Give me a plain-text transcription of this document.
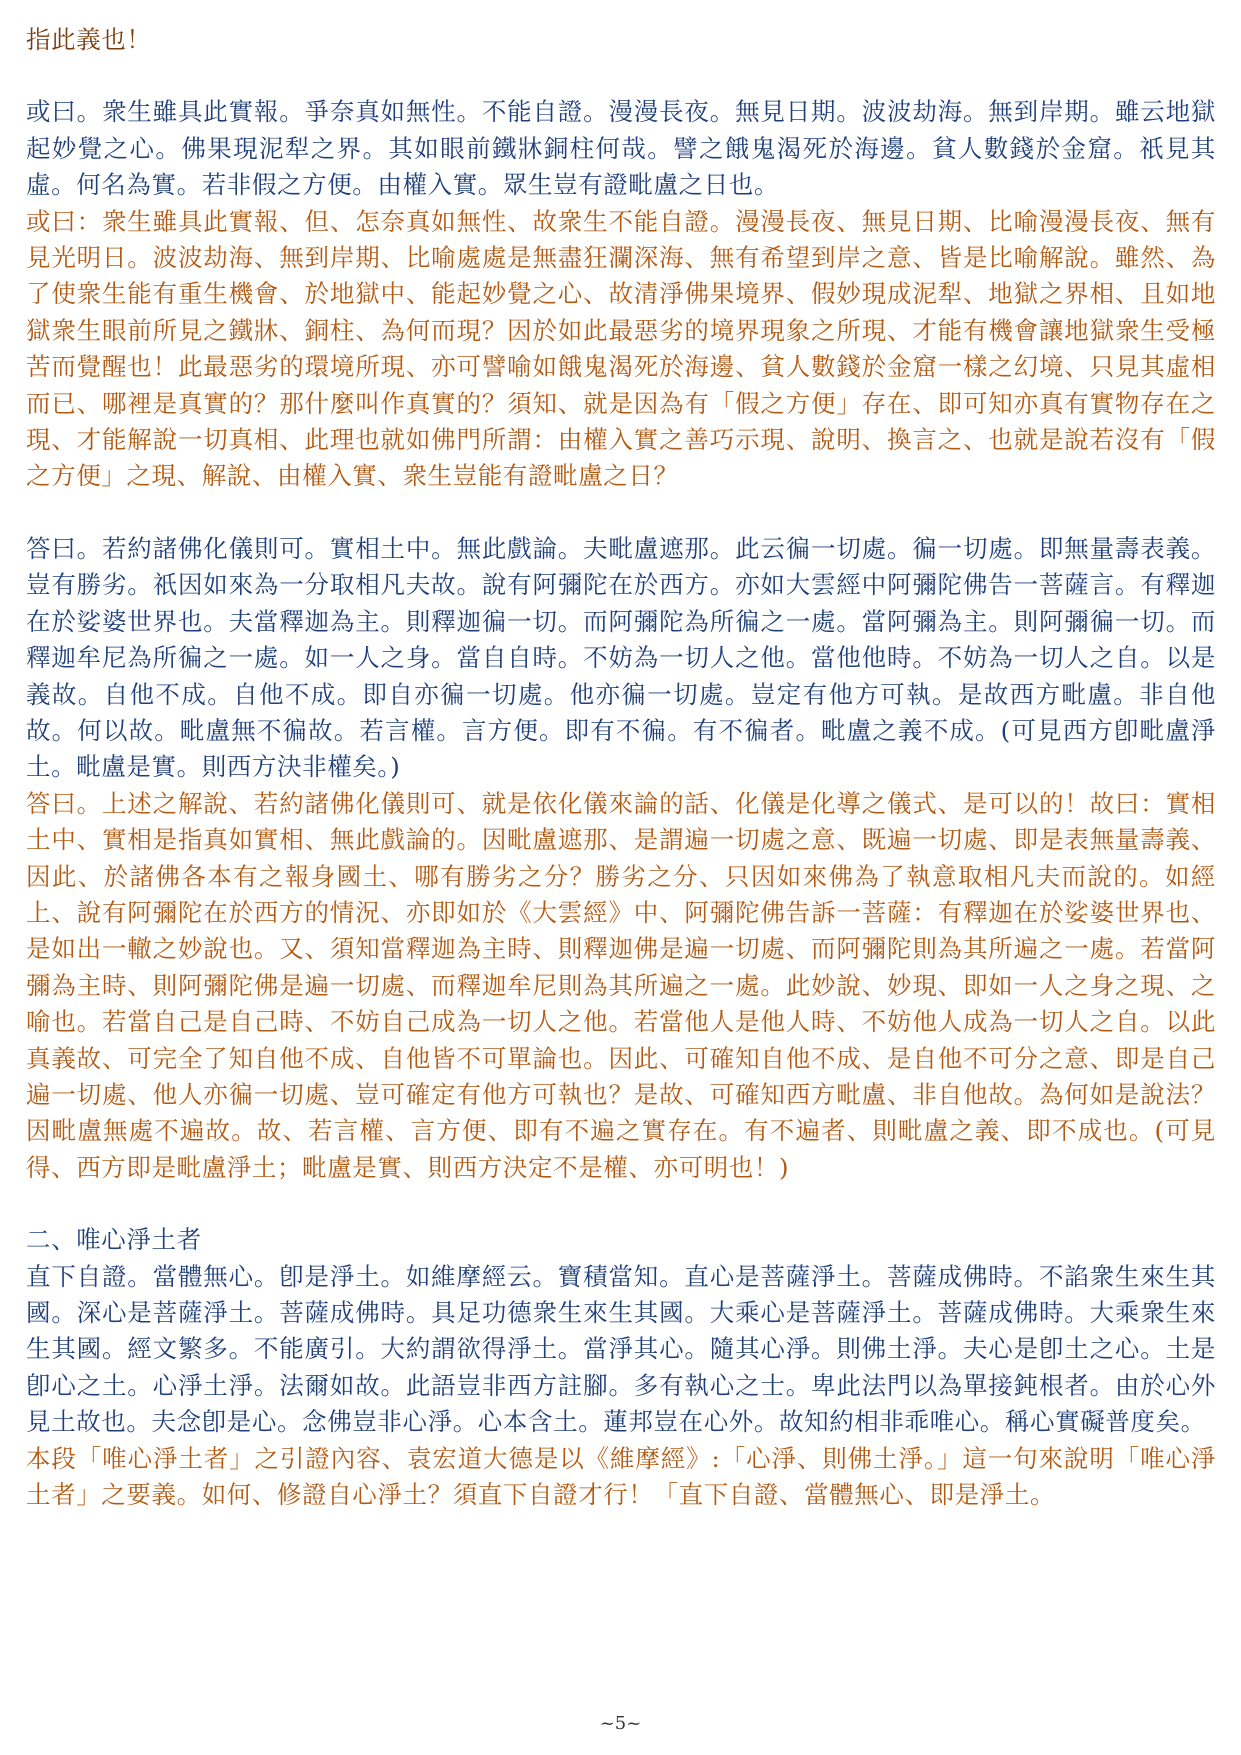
指此義也！

或曰。衆生雖具此實報。爭奈真如無性。不能自證。漫漫長夜。無見日期。波波劫海。無到岸期。雖云地獄起妙覺之心。佛果現泥犁之界。其如眼前鐵牀銅柱何哉。譬之餓鬼渴死於海邊。貧人數錢於金窟。祇見其虛。何名為實。若非假之方便。由權入實。眾生豈有證毗盧之日也。

或曰：衆生雖具此實報、但、怎奈真如無性、故衆生不能自證。漫漫長夜、無見日期、比喻漫漫長夜、無有見光明日。波波劫海、無到岸期、比喻處處是無盡狂瀾深海、無有希望到岸之意、皆是比喻解說。雖然、為了使衆生能有重生機會、於地獄中、能起妙覺之心、故清淨佛果境界、假妙現成泥犁、地獄之界相、且如地獄衆生眼前所見之鐵牀、銅柱、為何而現？因於如此最惡劣的境界現象之所現、才能有機會讓地獄衆生受極苦而覺醒也！此最惡劣的環境所現、亦可譬喻如餓鬼渴死於海邊、貧人數錢於金窟一樣之幻境、只見其虛相而已、哪裡是真實的？那什麼叫作真實的？須知、就是因為有「假之方便」存在、即可知亦真有實物存在之現、才能解說一切真相、此理也就如佛門所謂：由權入實之善巧示現、說明、換言之、也就是說若沒有「假之方便」之現、解說、由權入實、衆生豈能有證毗盧之日？

答曰。若約諸佛化儀則可。實相土中。無此戲論。夫毗盧遮那。此云徧一切處。徧一切處。即無量壽表義。豈有勝劣。祇因如來為一分取相凡夫故。說有阿彌陀在於西方。亦如大雲經中阿彌陀佛告一菩薩言。有釋迦在於娑婆世界也。夫當釋迦為主。則釋迦徧一切。而阿彌陀為所徧之一處。當阿彌為主。則阿彌徧一切。而釋迦牟尼為所徧之一處。如一人之身。當自自時。不妨為一切人之他。當他他時。不妨為一切人之自。以是義故。自他不成。自他不成。即自亦徧一切處。他亦徧一切處。豈定有他方可執。是故西方毗盧。非自他故。何以故。毗盧無不徧故。若言權。言方便。即有不徧。有不徧者。毗盧之義不成。(可見西方卽毗盧淨土。毗盧是實。則西方決非權矣。)

答曰。上述之解說、若約諸佛化儀則可、就是依化儀來論的話、化儀是化導之儀式、是可以的！故曰：實相土中、實相是指真如實相、無此戲論的。因毗盧遮那、是謂遍一切處之意、既遍一切處、即是表無量壽義、因此、於諸佛各本有之報身國土、哪有勝劣之分？勝劣之分、只因如來佛為了執意取相凡夫而說的。如經上、說有阿彌陀在於西方的情況、亦即如於《大雲經》中、阿彌陀佛告訴一菩薩：有釋迦在於娑婆世界也、是如出一轍之妙說也。又、須知當釋迦為主時、則釋迦佛是遍一切處、而阿彌陀則為其所遍之一處。若當阿彌為主時、則阿彌陀佛是遍一切處、而釋迦牟尼則為其所遍之一處。此妙說、妙現、即如一人之身之現、之喻也。若當自己是自己時、不妨自己成為一切人之他。若當他人是他人時、不妨他人成為一切人之自。以此真義故、可完全了知自他不成、自他皆不可單論也。因此、可確知自他不成、是自他不可分之意、即是自己遍一切處、他人亦徧一切處、豈可確定有他方可執也？是故、可確知西方毗盧、非自他故。為何如是說法？因毗盧無處不遍故。故、若言權、言方便、即有不遍之實存在。有不遍者、則毗盧之義、即不成也。(可見得、西方即是毗盧淨土；毗盧是實、則西方決定不是權、亦可明也！)

二、唯心淨土者

直下自證。當體無心。卽是淨土。如維摩經云。寶積當知。直心是菩薩淨土。菩薩成佛時。不諂衆生來生其國。深心是菩薩淨土。菩薩成佛時。具足功德衆生來生其國。大乘心是菩薩淨土。菩薩成佛時。大乘衆生來生其國。經文繁多。不能廣引。大約謂欲得淨土。當淨其心。隨其心淨。則佛土淨。夫心是卽土之心。土是卽心之土。心淨土淨。法爾如故。此語豈非西方註腳。多有執心之士。卑此法門以為單接鈍根者。由於心外見土故也。夫念卽是心。念佛豈非心淨。心本含土。蓮邦豈在心外。故知約相非乖唯心。稱心實礙普度矣。

本段「唯心淨土者」之引證內容、袁宏道大德是以《維摩經》:「心淨、則佛土淨。」這一句來說明「唯心淨土者」之要義。如何、修證自心淨土？須直下自證才行！「直下自證、當體無心、即是淨土。

~5~
